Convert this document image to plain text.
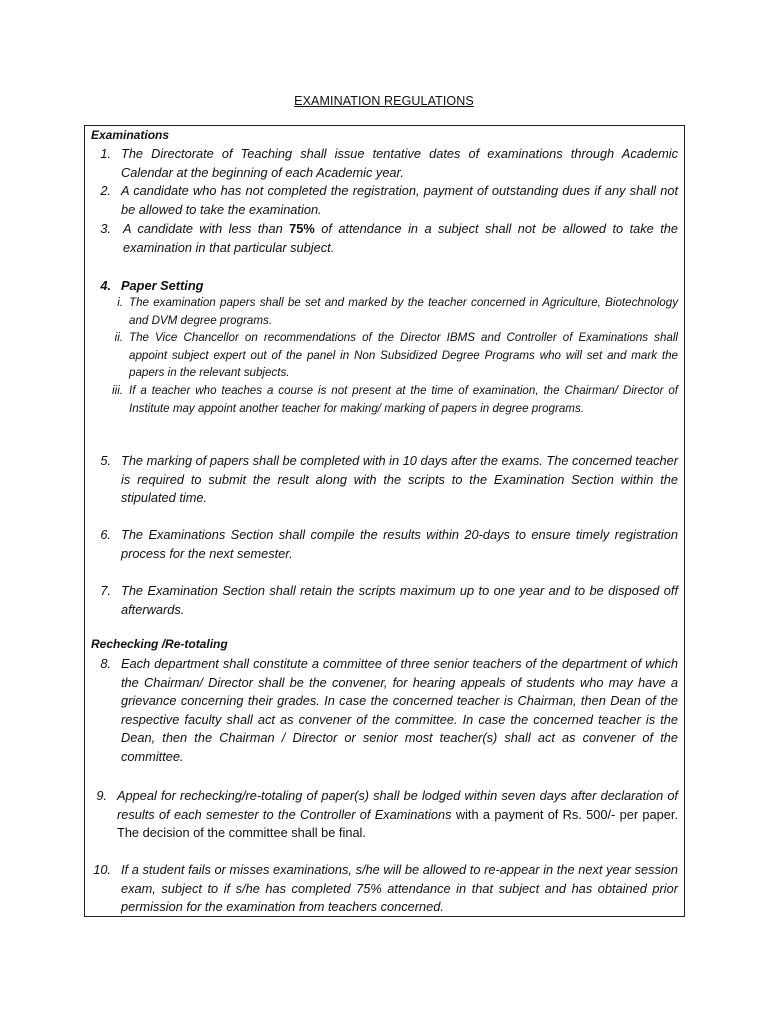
EXAMINATION REGULATIONS
Examinations
1. The Directorate of Teaching shall issue tentative dates of examinations through Academic Calendar at the beginning of each Academic year.
2. A candidate who has not completed the registration, payment of outstanding dues if any shall not be allowed to take the examination.
3. A candidate with less than 75% of attendance in a subject shall not be allowed to take the examination in that particular subject.
4. Paper Setting
i. The examination papers shall be set and marked by the teacher concerned in Agriculture, Biotechnology and DVM degree programs.
ii. The Vice Chancellor on recommendations of the Director IBMS and Controller of Examinations shall appoint subject expert out of the panel in Non Subsidized Degree Programs who will set and mark the papers in the relevant subjects.
iii. If a teacher who teaches a course is not present at the time of examination, the Chairman/ Director of Institute may appoint another teacher for making/ marking of papers in degree programs.
5. The marking of papers shall be completed with in 10 days after the exams. The concerned teacher is required to submit the result along with the scripts to the Examination Section within the stipulated time.
6. The Examinations Section shall compile the results within 20-days to ensure timely registration process for the next semester.
7. The Examination Section shall retain the scripts maximum up to one year and to be disposed off afterwards.
Rechecking /Re-totaling
8. Each department shall constitute a committee of three senior teachers of the department of which the Chairman/ Director shall be the convener, for hearing appeals of students who may have a grievance concerning their grades. In case the concerned teacher is Chairman, then Dean of the respective faculty shall act as convener of the committee. In case the concerned teacher is the Dean, then the Chairman / Director or senior most teacher(s) shall act as convener of the committee.
9. Appeal for rechecking/re-totaling of paper(s) shall be lodged within seven days after declaration of results of each semester to the Controller of Examinations with a payment of Rs. 500/- per paper. The decision of the committee shall be final.
10. If a student fails or misses examinations, s/he will be allowed to re-appear in the next year session exam, subject to if s/he has completed 75% attendance in that subject and has obtained prior permission for the examination from teachers concerned.
